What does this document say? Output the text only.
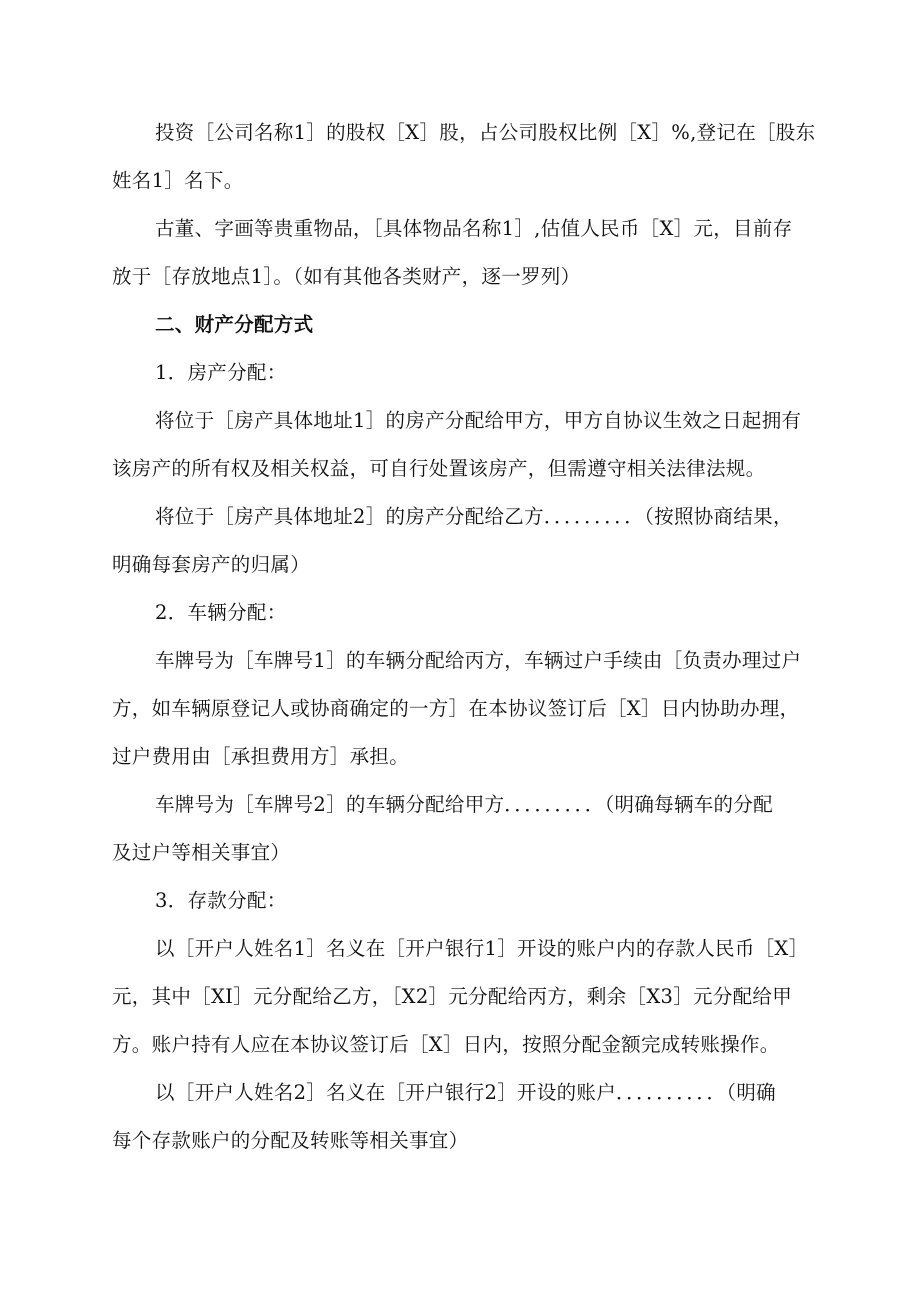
投资［公司名称1］的股权［X］股，占公司股权比例［X］%,登记在［股东
姓名1］名下。
古董、字画等贵重物品，［具体物品名称1］,估值人民币［X］元，目前存
放于［存放地点1］。（如有其他各类财产，逐一罗列）
二、财产分配方式
1．房产分配：
将位于［房产具体地址1］的房产分配给甲方，甲方自协议生效之日起拥有
该房产的所有权及相关权益，可自行处置该房产，但需遵守相关法律法规。
将位于［房产具体地址2］的房产分配给乙方．．．．．．．．．（按照协商结果，
明确每套房产的归属）
2．车辆分配：
车牌号为［车牌号1］的车辆分配给丙方，车辆过户手续由［负责办理过户
方，如车辆原登记人或协商确定的一方］在本协议签订后［X］日内协助办理，
过户费用由［承担费用方］承担。
车牌号为［车牌号2］的车辆分配给甲方．．．．．．．．．（明确每辆车的分配
及过户等相关事宜）
3．存款分配：
以［开户人姓名1］名义在［开户银行1］开设的账户内的存款人民币［X］
元，其中［XI］元分配给乙方，［X2］元分配给丙方，剩余［X3］元分配给甲
方。账户持有人应在本协议签订后［X］日内，按照分配金额完成转账操作。
以［开户人姓名2］名义在［开户银行2］开设的账户．．．．．．．．．．（明确
每个存款账户的分配及转账等相关事宜）
